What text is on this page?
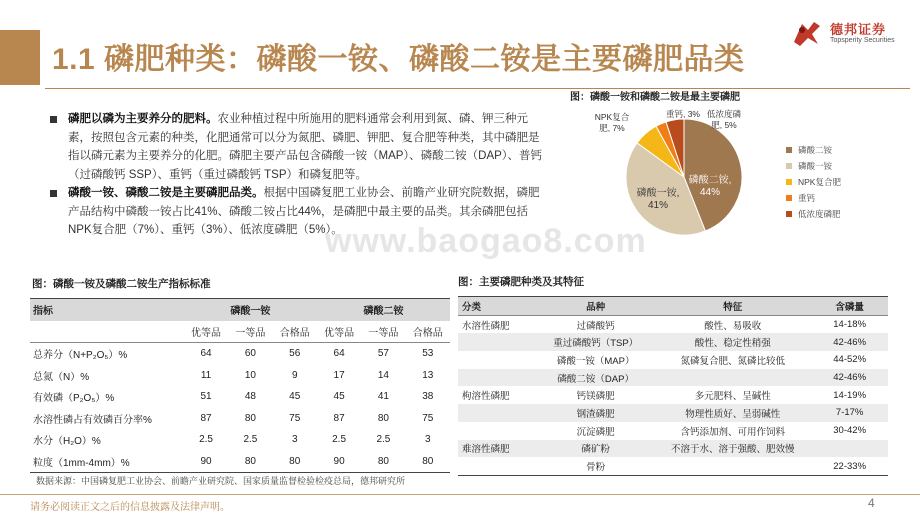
1.1 磷肥种类：磷酸一铵、磷酸二铵是主要磷肥品类
德邦证券
Topsperity Securities
www.baogao8.com
磷肥以磷为主要养分的肥料。农业种植过程中所施用的肥料通常会利用到氮、磷、钾三种元素，按照包含元素的种类，化肥通常可以分为氮肥、磷肥、钾肥、复合肥等种类，其中磷肥是指以磷元素为主要养分的化肥。磷肥主要产品包含磷酸一铵（MAP）、磷酸二铵（DAP）、普钙（过磷酸钙 SSP）、重钙（重过磷酸钙 TSP）和磷复肥等。
磷酸一铵、磷酸二铵是主要磷肥品类。根据中国磷复肥工业协会、前瞻产业研究院数据，磷肥产品结构中磷酸一铵占比41%、磷酸二铵占比44%，是磷肥中最主要的品类。其余磷肥包括NPK复合肥（7%）、重钙（3%）、低浓度磷肥（5%）。
图：磷酸一铵和磷酸二铵是最主要磷肥
磷酸二铵, 44%
磷酸一铵, 41%
NPK复合肥, 7%
重钙, 3% 低浓度磷肥, 5%
磷酸二铵
磷酸一铵
NPK复合肥
重钙
低浓度磷肥
图：磷酸一铵及磷酸二铵生产指标标准
指标	磷酸一铵			磷酸二铵		
	优等品	一等品	合格品	优等品	一等品	合格品
总养分（N+P₂O₅）%	64	60	56	64	57	53
总氮（N）%	11	10	9	17	14	13
有效磷（P₂O₅）%	51	48	45	45	41	38
水溶性磷占有效磷百分率%	87	80	75	87	80	75
水分（H₂O）%	2.5	2.5	3	2.5	2.5	3
粒度（1mm-4mm）%	90	80	80	90	80	80
图：主要磷肥种类及其特征
分类	品种	特征	含磷量
水溶性磷肥	过磷酸钙	酸性、易吸收	14-18%
	重过磷酸钙（TSP）	酸性、稳定性稍强	42-46%
	磷酸一铵（MAP）	氮磷复合肥、氮磷比较低	44-52%
	磷酸二铵（DAP）		42-46%
枸溶性磷肥	钙镁磷肥	多元肥料、呈碱性	14-19%
	钢渣磷肥	物理性质好、呈弱碱性	7-17%
	沉淀磷肥	含钙添加剂、可用作饲料	30-42%
难溶性磷肥	磷矿粉	不溶于水、溶于强酸、肥效慢	
	骨粉		22-33%
数据来源：中国磷复肥工业协会、前瞻产业研究院、国家质量监督检验检疫总局，德邦研究所
请务必阅读正文之后的信息披露及法律声明。	4
